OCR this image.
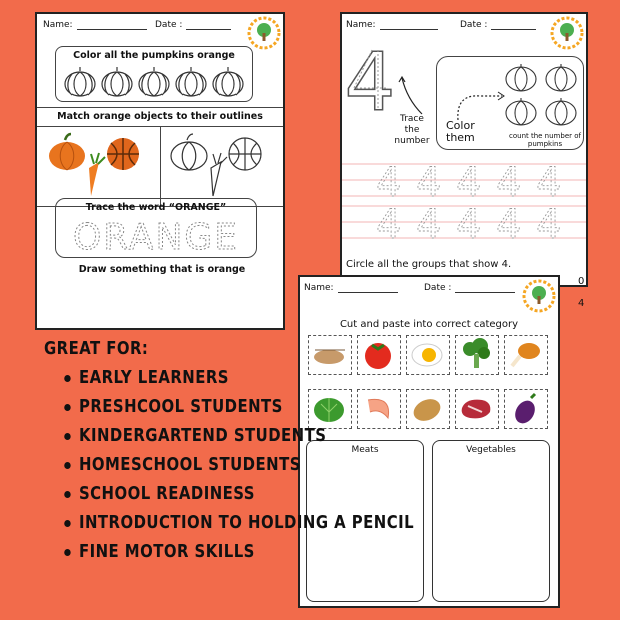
Name:	Date :
Color all the pumpkins orange
Match orange objects to their outlines
Trace the word “ORANGE”
ORANGE
Draw something that is orange
Name:	Date :
4 Trace the number
Color them	count the number of pumpkins
4 4 4 4 4
4 4 4 4 4
Circle all the groups that show 4.
0
4
Name:	Date :
Cut and paste into correct category
Meats	Vegetables
GREAT FOR:
EARLY LEARNERS
PRESHCOOL STUDENTS
KINDERGARTEND STUDENTS
HOMESCHOOL STUDENTS
SCHOOL READINESS
INTRODUCTION TO HOLDING A PENCIL
FINE MOTOR SKILLS
